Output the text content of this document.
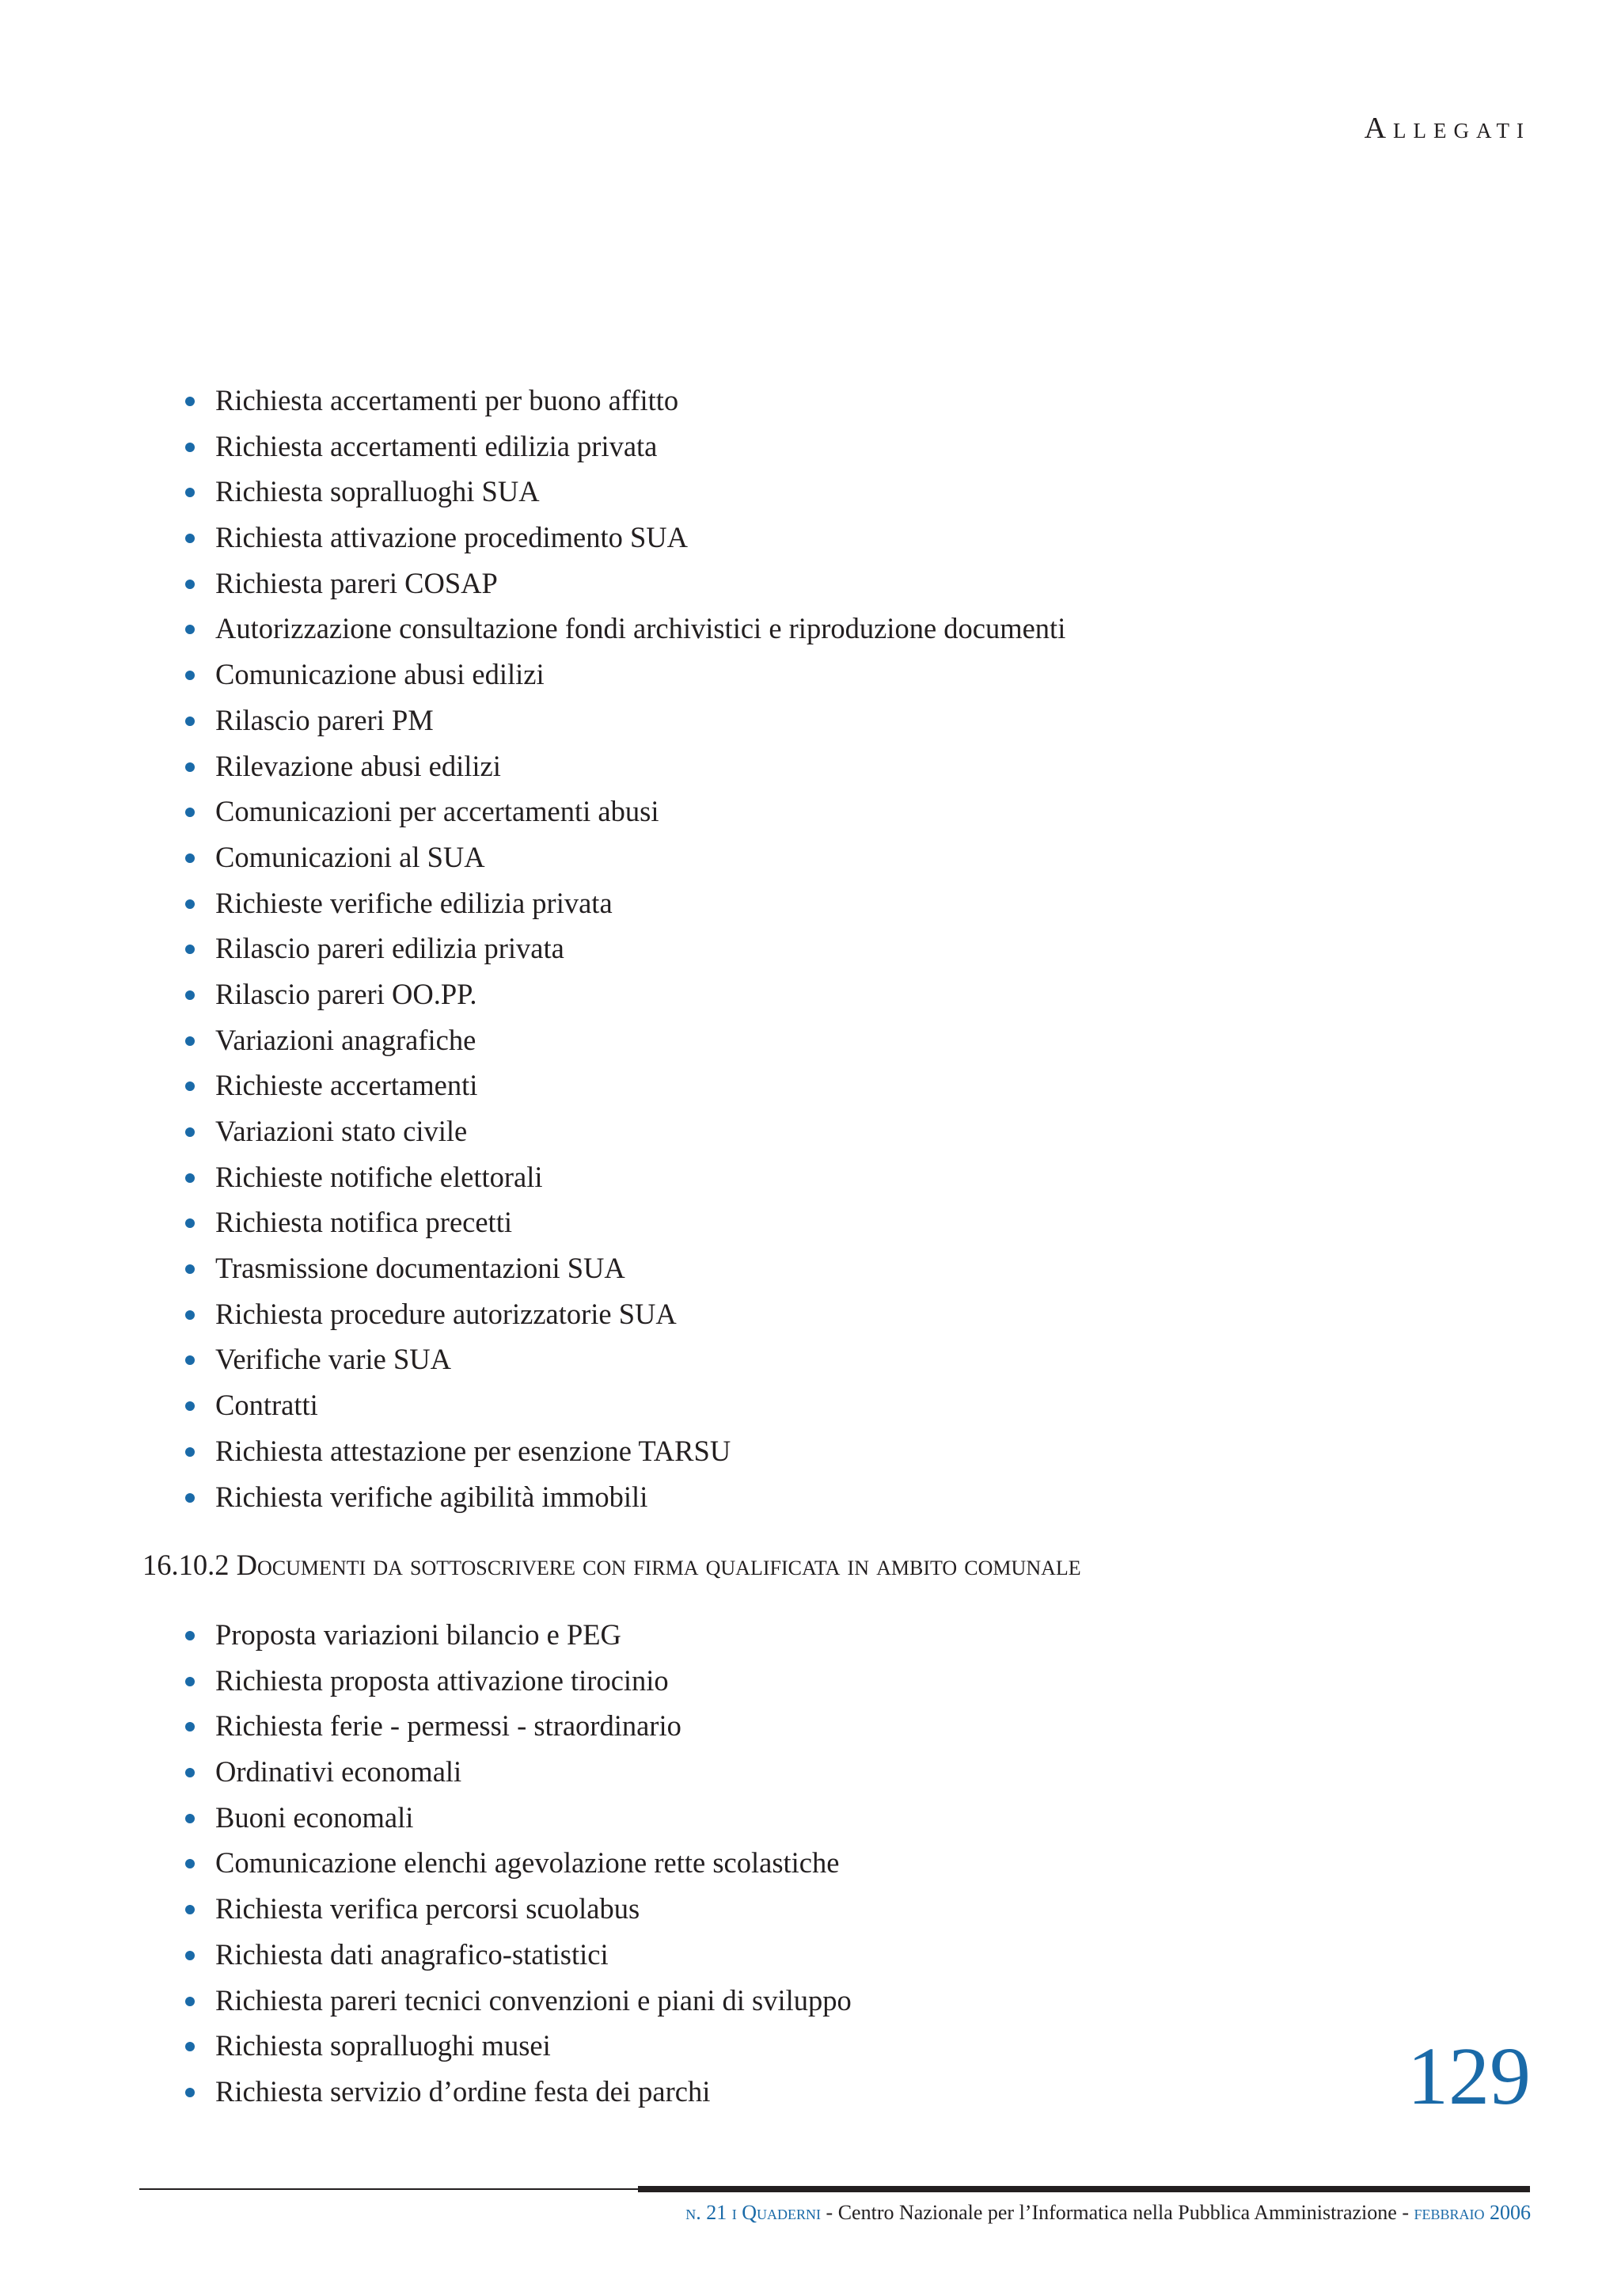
Allegati
Richiesta accertamenti per buono affitto
Richiesta accertamenti edilizia privata
Richiesta sopralluoghi SUA
Richiesta attivazione procedimento SUA
Richiesta pareri COSAP
Autorizzazione consultazione fondi archivistici e riproduzione documenti
Comunicazione abusi edilizi
Rilascio pareri PM
Rilevazione abusi edilizi
Comunicazioni per accertamenti abusi
Comunicazioni al SUA
Richieste verifiche edilizia privata
Rilascio pareri edilizia privata
Rilascio pareri OO.PP.
Variazioni anagrafiche
Richieste accertamenti
Variazioni stato civile
Richieste notifiche elettorali
Richiesta notifica precetti
Trasmissione documentazioni SUA
Richiesta procedure autorizzatorie SUA
Verifiche varie SUA
Contratti
Richiesta attestazione per esenzione TARSU
Richiesta verifiche agibilità immobili
16.10.2 Documenti da sottoscrivere con firma qualificata in ambito comunale
Proposta variazioni bilancio e PEG
Richiesta proposta attivazione tirocinio
Richiesta ferie - permessi - straordinario
Ordinativi economali
Buoni economali
Comunicazione elenchi agevolazione rette scolastiche
Richiesta verifica percorsi scuolabus
Richiesta dati anagrafico-statistici
Richiesta pareri tecnici convenzioni e piani di sviluppo
Richiesta sopralluoghi musei
Richiesta servizio d’ordine festa dei parchi	129

n. 21 i Quaderni - Centro Nazionale per l’Informatica nella Pubblica Amministrazione - febbraio 2006
